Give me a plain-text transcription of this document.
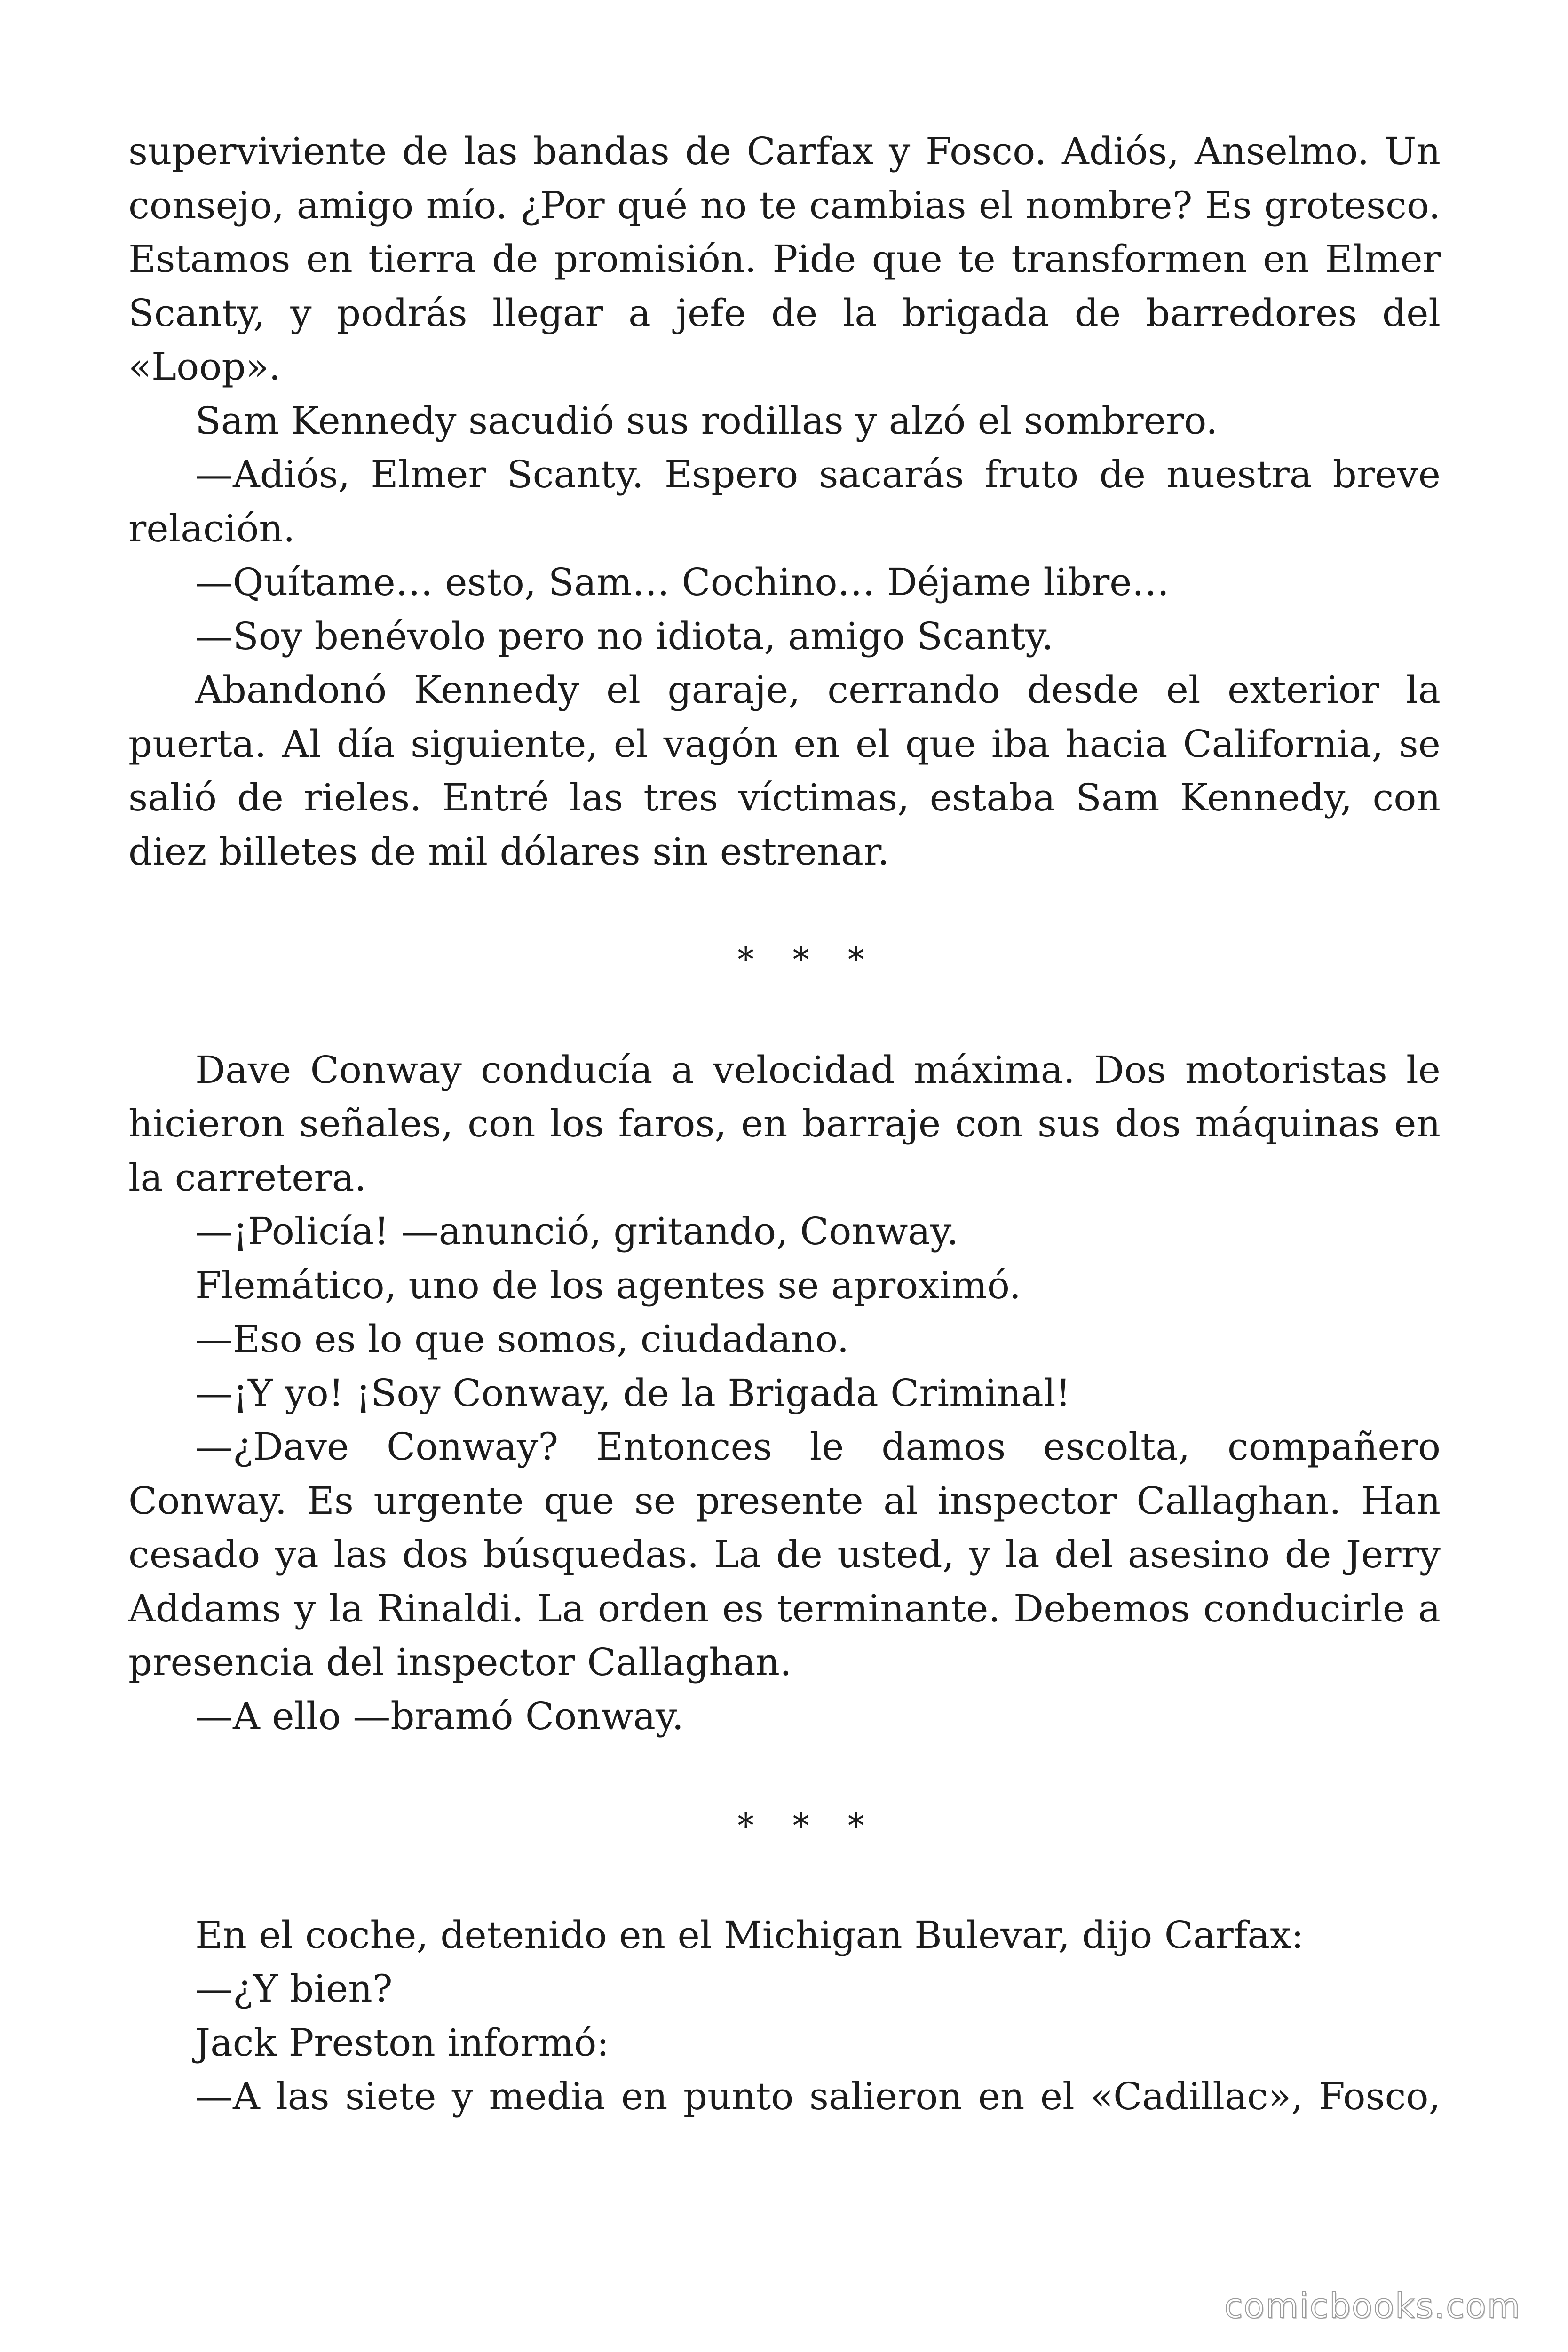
superviviente de las bandas de Carfax y Fosco. Adiós, Anselmo. Un consejo, amigo mío. ¿Por qué no te cambias el nombre? Es grotesco. Estamos en tierra de promisión. Pide que te transformen en Elmer Scanty, y podrás llegar a jefe de la brigada de barredores del «Loop».

Sam Kennedy sacudió sus rodillas y alzó el sombrero.

—Adiós, Elmer Scanty. Espero sacarás fruto de nuestra breve relación.

—Quítame… esto, Sam… Cochino… Déjame libre…

—Soy benévolo pero no idiota, amigo Scanty.

Abandonó Kennedy el garaje, cerrando desde el exterior la puerta. Al día siguiente, el vagón en el que iba hacia California, se salió de rieles. Entré las tres víctimas, estaba Sam Kennedy, con diez billetes de mil dólares sin estrenar.

* * *

Dave Conway conducía a velocidad máxima. Dos motoristas le hicieron señales, con los faros, en barraje con sus dos máquinas en la carretera.

—¡Policía! —anunció, gritando, Conway.

Flemático, uno de los agentes se aproximó.

—Eso es lo que somos, ciudadano.

—¡Y yo! ¡Soy Conway, de la Brigada Criminal!

—¿Dave Conway? Entonces le damos escolta, compañero Conway. Es urgente que se presente al inspector Callaghan. Han cesado ya las dos búsquedas. La de usted, y la del asesino de Jerry Addams y la Rinaldi. La orden es terminante. Debemos conducirle a presencia del inspector Callaghan.

—A ello —bramó Conway.

* * *

En el coche, detenido en el Michigan Bulevar, dijo Carfax:

—¿Y bien?

Jack Preston informó:

—A las siete y media en punto salieron en el «Cadillac», Fosco,

comicbooks.com
